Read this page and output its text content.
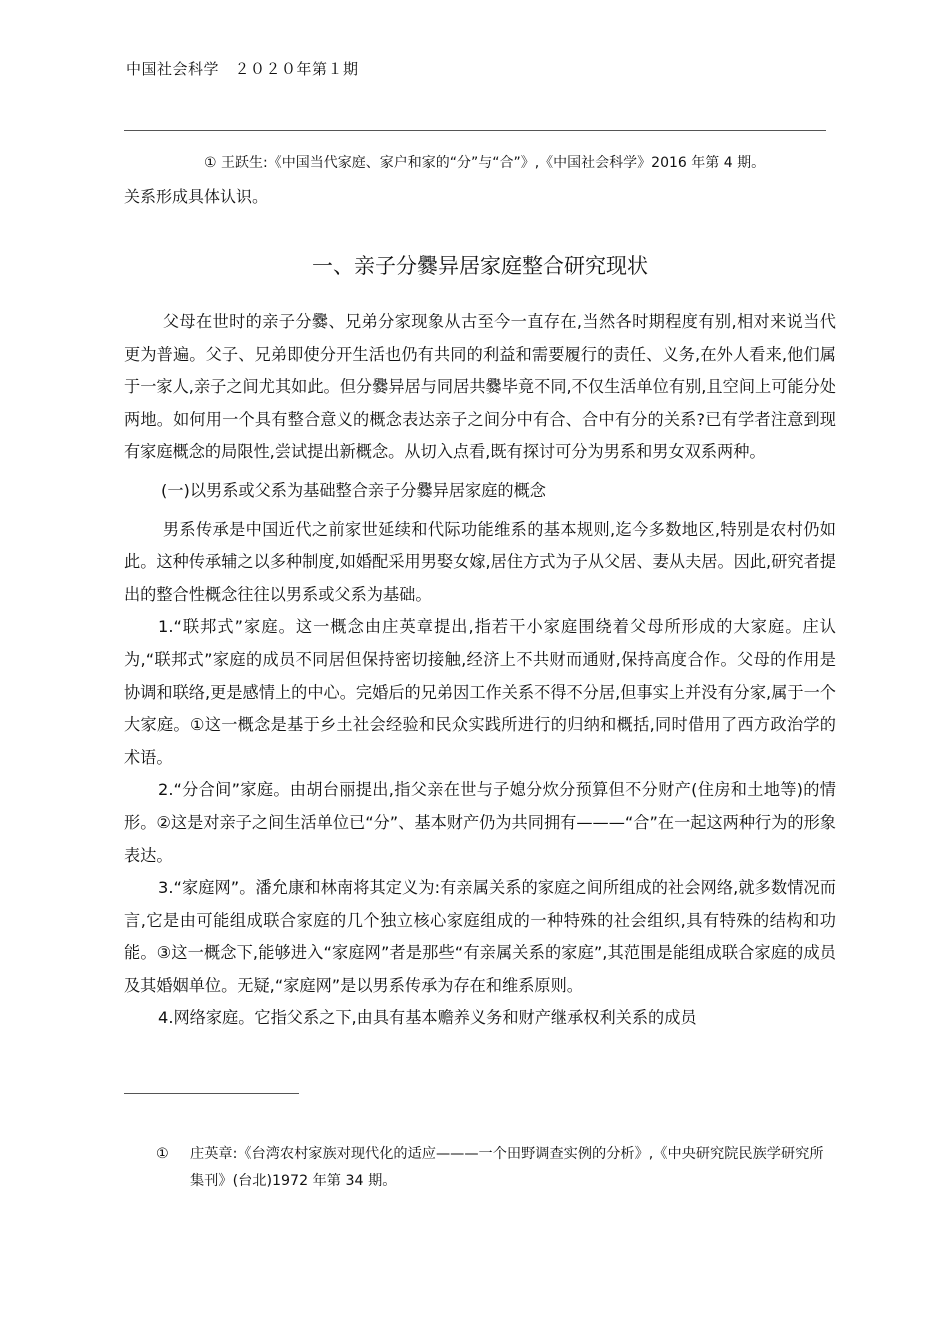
中国社会科学　２０２０年第１期
① 王跃生:《中国当代家庭、家户和家的“分”与“合”》,《中国社会科学》2016 年第 4 期。
关系形成具体认识。
一、亲子分爨异居家庭整合研究现状

父母在世时的亲子分爨、兄弟分家现象从古至今一直存在,当然各时期程度有别,相对来说当代更为普遍。父子、兄弟即使分开生活也仍有共同的利益和需要履行的责任、义务,在外人看来,他们属于一家人,亲子之间尤其如此。但分爨异居与同居共爨毕竟不同,不仅生活单位有别,且空间上可能分处两地。如何用一个具有整合意义的概念表达亲子之间分中有合、合中有分的关系?已有学者注意到现有家庭概念的局限性,尝试提出新概念。从切入点看,既有探讨可分为男系和男女双系两种。

(一)以男系或父系为基础整合亲子分爨异居家庭的概念

男系传承是中国近代之前家世延续和代际功能维系的基本规则,迄今多数地区,特别是农村仍如此。这种传承辅之以多种制度,如婚配采用男娶女嫁,居住方式为子从父居、妻从夫居。因此,研究者提出的整合性概念往往以男系或父系为基础。

1.“联邦式”家庭。这一概念由庄英章提出,指若干小家庭围绕着父母所形成的大家庭。庄认为,“联邦式”家庭的成员不同居但保持密切接触,经济上不共财而通财,保持高度合作。父母的作用是协调和联络,更是感情上的中心。完婚后的兄弟因工作关系不得不分居,但事实上并没有分家,属于一个大家庭。①这一概念是基于乡土社会经验和民众实践所进行的归纳和概括,同时借用了西方政治学的术语。

2.“分合间”家庭。由胡台丽提出,指父亲在世与子媳分炊分预算但不分财产(住房和土地等)的情形。②这是对亲子之间生活单位已“分”、基本财产仍为共同拥有———“合”在一起这两种行为的形象表达。

3.“家庭网”。潘允康和林南将其定义为:有亲属关系的家庭之间所组成的社会网络,就多数情况而言,它是由可能组成联合家庭的几个独立核心家庭组成的一种特殊的社会组织,具有特殊的结构和功能。③这一概念下,能够进入“家庭网”者是那些“有亲属关系的家庭”,其范围是能组成联合家庭的成员及其婚姻单位。无疑,“家庭网”是以男系传承为存在和维系原则。

4.网络家庭。它指父系之下,由具有基本赡养义务和财产继承权利关系的成员

① 庄英章:《台湾农村家族对现代化的适应———一个田野调查实例的分析》,《中央研究院民族学研究所集刊》(台北)1972 年第 34 期。
